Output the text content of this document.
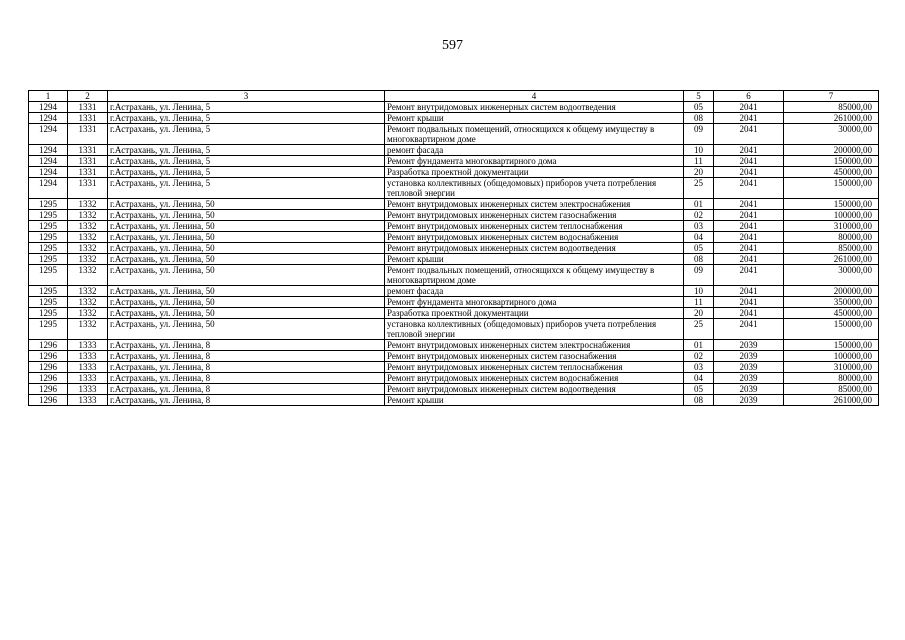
597
1	2	3	4	5	6	7
1294	1331	г.Астрахань, ул. Ленина, 5	Ремонт внутридомовых инженерных систем водоотведения	05	2041	85000,00
1294	1331	г.Астрахань, ул. Ленина, 5	Ремонт крыши	08	2041	261000,00
1294	1331	г.Астрахань, ул. Ленина, 5	Ремонт подвальных помещений, относящихся к общему имуществу в многоквартирном доме	09	2041	30000,00
1294	1331	г.Астрахань, ул. Ленина, 5	ремонт фасада	10	2041	200000,00
1294	1331	г.Астрахань, ул. Ленина, 5	Ремонт фундамента многоквартирного дома	11	2041	150000,00
1294	1331	г.Астрахань, ул. Ленина, 5	Разработка проектной документации	20	2041	450000,00
1294	1331	г.Астрахань, ул. Ленина, 5	установка коллективных (общедомовых) приборов учета потребления тепловой энергии	25	2041	150000,00
1295	1332	г.Астрахань, ул. Ленина, 50	Ремонт внутридомовых инженерных систем электроснабжения	01	2041	150000,00
1295	1332	г.Астрахань, ул. Ленина, 50	Ремонт внутридомовых инженерных систем газоснабжения	02	2041	100000,00
1295	1332	г.Астрахань, ул. Ленина, 50	Ремонт внутридомовых инженерных систем теплоснабжения	03	2041	310000,00
1295	1332	г.Астрахань, ул. Ленина, 50	Ремонт внутридомовых инженерных систем водоснабжения	04	2041	80000,00
1295	1332	г.Астрахань, ул. Ленина, 50	Ремонт внутридомовых инженерных систем водоотведения	05	2041	85000,00
1295	1332	г.Астрахань, ул. Ленина, 50	Ремонт крыши	08	2041	261000,00
1295	1332	г.Астрахань, ул. Ленина, 50	Ремонт подвальных помещений, относящихся к общему имуществу в многоквартирном доме	09	2041	30000,00
1295	1332	г.Астрахань, ул. Ленина, 50	ремонт фасада	10	2041	200000,00
1295	1332	г.Астрахань, ул. Ленина, 50	Ремонт фундамента многоквартирного дома	11	2041	350000,00
1295	1332	г.Астрахань, ул. Ленина, 50	Разработка проектной документации	20	2041	450000,00
1295	1332	г.Астрахань, ул. Ленина, 50	установка коллективных (общедомовых) приборов учета потребления тепловой энергии	25	2041	150000,00
1296	1333	г.Астрахань, ул. Ленина, 8	Ремонт внутридомовых инженерных систем электроснабжения	01	2039	150000,00
1296	1333	г.Астрахань, ул. Ленина, 8	Ремонт внутридомовых инженерных систем газоснабжения	02	2039	100000,00
1296	1333	г.Астрахань, ул. Ленина, 8	Ремонт внутридомовых инженерных систем теплоснабжения	03	2039	310000,00
1296	1333	г.Астрахань, ул. Ленина, 8	Ремонт внутридомовых инженерных систем водоснабжения	04	2039	80000,00
1296	1333	г.Астрахань, ул. Ленина, 8	Ремонт внутридомовых инженерных систем водоотведения	05	2039	85000,00
1296	1333	г.Астрахань, ул. Ленина, 8	Ремонт крыши	08	2039	261000,00
